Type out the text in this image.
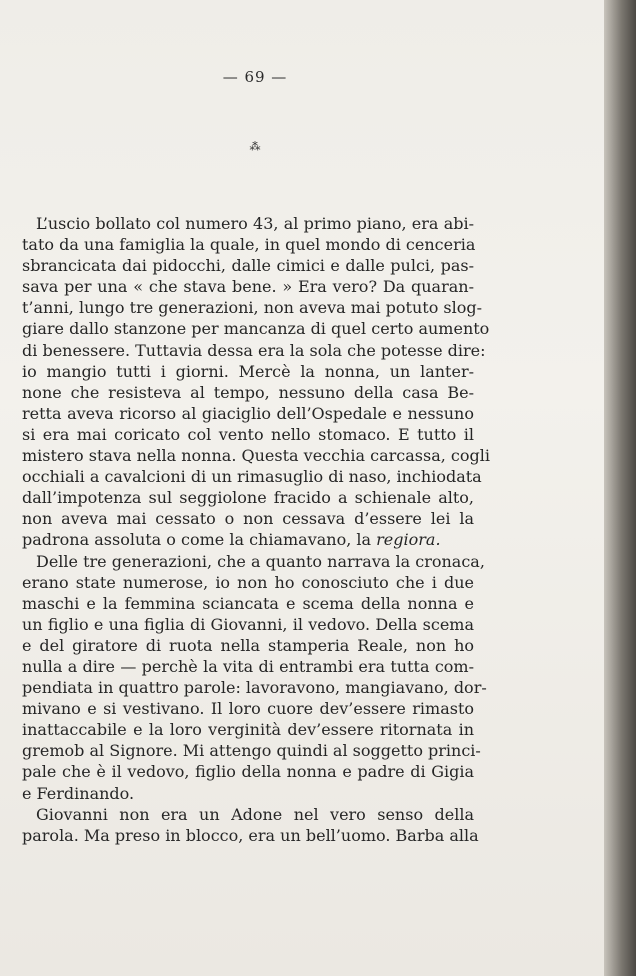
— 69 —
⁂
L’uscio bollato col numero 43, al primo piano, era abi-
tato da una famiglia la quale, in quel mondo di cenceria
sbrancicata dai pidocchi, dalle cimici e dalle pulci, pas-
sava per una « che stava bene. » Era vero? Da quaran-
t’anni, lungo tre generazioni, non aveva mai potuto slog-
giare dallo stanzone per mancanza di quel certo aumento
di benessere. Tuttavia dessa era la sola che potesse dire:
io mangio tutti i giorni. Mercè la nonna, un lanter-
none che resisteva al tempo, nessuno della casa Be-
retta aveva ricorso al giaciglio dell’Ospedale e nessuno
si era mai coricato col vento nello stomaco. E tutto il
mistero stava nella nonna. Questa vecchia carcassa, cogli
occhiali a cavalcioni di un rimasuglio di naso, inchiodata
dall’impotenza sul seggiolone fracido a schienale alto,
non aveva mai cessato o non cessava d’essere lei la
padrona assoluta o come la chiamavano, la regiora.
Delle tre generazioni, che a quanto narrava la cronaca,
erano state numerose, io non ho conosciuto che i due
maschi e la femmina sciancata e scema della nonna e
un figlio e una figlia di Giovanni, il vedovo. Della scema
e del giratore di ruota nella stamperia Reale, non ho
nulla a dire — perchè la vita di entrambi era tutta com-
pendiata in quattro parole: lavoravono, mangiavano, dor-
mivano e si vestivano. Il loro cuore dev’essere rimasto
inattaccabile e la loro verginità dev’essere ritornata in
gremob al Signore. Mi attengo quindi al soggetto princi-
pale che è il vedovo, figlio della nonna e padre di Gigia
e Ferdinando.
Giovanni non era un Adone nel vero senso della
parola. Ma preso in blocco, era un bell’uomo. Barba alla
